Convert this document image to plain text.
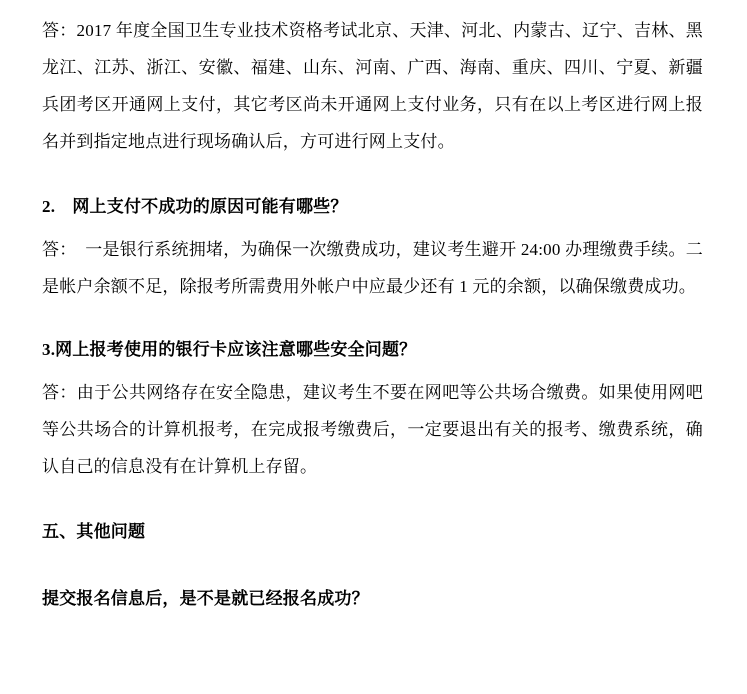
答：2017 年度全国卫生专业技术资格考试北京、天津、河北、内蒙古、辽宁、吉林、黑龙江、江苏、浙江、安徽、福建、山东、河南、广西、海南、重庆、四川、宁夏、新疆兵团考区开通网上支付，其它考区尚未开通网上支付业务，只有在以上考区进行网上报名并到指定地点进行现场确认后，方可进行网上支付。

2.　网上支付不成功的原因可能有哪些？

答：　一是银行系统拥堵，为确保一次缴费成功，建议考生避开 24:00 办理缴费手续。二是帐户余额不足，除报考所需费用外帐户中应最少还有 1 元的余额，以确保缴费成功。

3.网上报考使用的银行卡应该注意哪些安全问题？

答：由于公共网络存在安全隐患，建议考生不要在网吧等公共场合缴费。如果使用网吧等公共场合的计算机报考，在完成报考缴费后，一定要退出有关的报考、缴费系统，确认自己的信息没有在计算机上存留。

五、其他问题

提交报名信息后，是不是就已经报名成功？
